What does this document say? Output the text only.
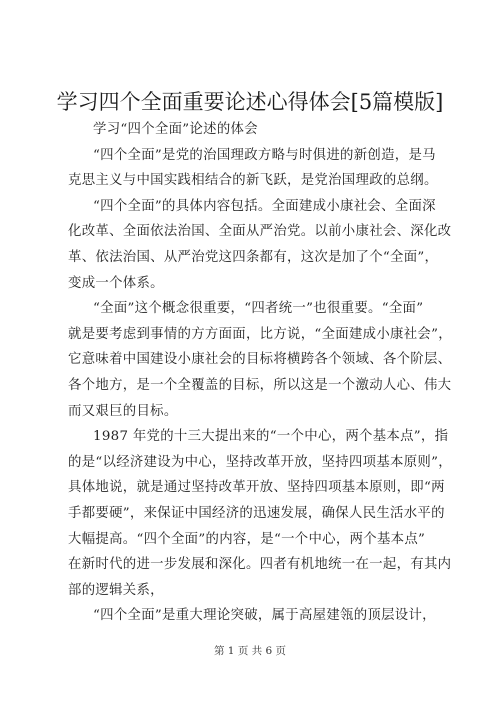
学习四个全面重要论述心得体会[5篇模版]
学习“四个全面”论述的体会
“四个全面”是党的治国理政方略与时俱进的新创造，是马
克思主义与中国实践相结合的新飞跃，是党治国理政的总纲。
“四个全面”的具体内容包括。全面建成小康社会、全面深
化改革、全面依法治国、全面从严治党。以前小康社会、深化改
革、依法治国、从严治党这四条都有，这次是加了个“全面”，
变成一个体系。
“全面”这个概念很重要，“四者统一”也很重要。“全面”
就是要考虑到事情的方方面面，比方说，“全面建成小康社会”，
它意味着中国建设小康社会的目标将横跨各个领域、各个阶层、
各个地方，是一个全覆盖的目标，所以这是一个激动人心、伟大
而又艰巨的目标。
1987 年党的十三大提出来的“一个中心，两个基本点”，指
的是“以经济建设为中心，坚持改革开放，坚持四项基本原则”，
具体地说，就是通过坚持改革开放、坚持四项基本原则，即“两
手都要硬”，来保证中国经济的迅速发展，确保人民生活水平的
大幅提高。“四个全面”的内容，是“一个中心，两个基本点”
在新时代的进一步发展和深化。四者有机地统一在一起，有其内
部的逻辑关系，
“四个全面”是重大理论突破，属于高屋建瓴的顶层设计，
第 1 页 共 6 页
